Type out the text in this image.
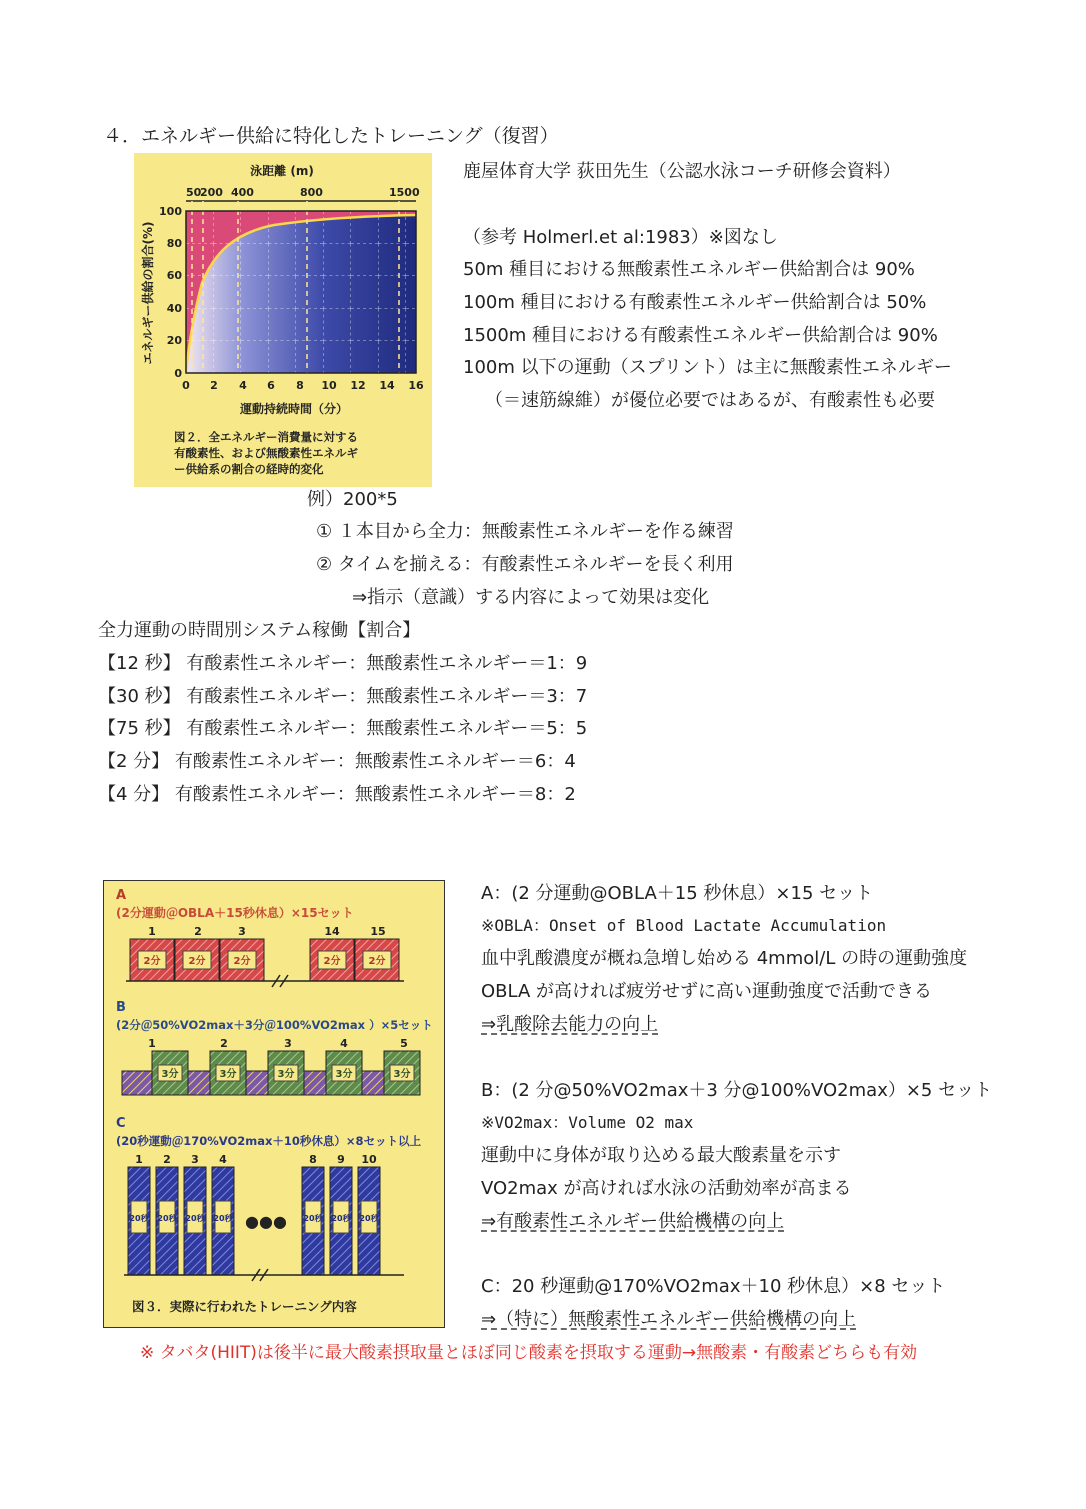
４．エネルギー供給に特化したトレーニング（復習）
泳距離 (m)
50
200 400	800	1500
エネルギー供給の割合(%)
0
20
40
60
80
100
0 2 4 6 8 10 12 14 16
運動持続時間（分）
図２．全エネルギー消費量に対する
有酸素性、および無酸素性エネルギ
ー供給系の割合の経時的変化
鹿屋体育大学 荻田先生（公認水泳コーチ研修会資料）
（参考 Holmerl.et al:1983）※図なし
50m 種目における無酸素性エネルギー供給割合は 90%
100m 種目における有酸素性エネルギー供給割合は 50%
1500m 種目における有酸素性エネルギー供給割合は 90%
100m 以下の運動（スプリント）は主に無酸素性エネルギー
（＝速筋線維）が優位必要ではあるが、有酸素性も必要
例）200*5
① １本目から全力：無酸素性エネルギーを作る練習
② タイムを揃える：有酸素性エネルギーを長く利用
⇒指示（意識）する内容によって効果は変化
全力運動の時間別システム稼働【割合】
【12 秒】 有酸素性エネルギー：無酸素性エネルギー＝1：9
【30 秒】 有酸素性エネルギー：無酸素性エネルギー＝3：7
【75 秒】 有酸素性エネルギー：無酸素性エネルギー＝5：5
【2 分】 有酸素性エネルギー：無酸素性エネルギー＝6：4
【4 分】 有酸素性エネルギー：無酸素性エネルギー＝8：2
A
(2分運動＠OBLA＋15秒休息）×15セット
1	2	3	14	15
2分	2分	2分	2分	2分
B
(2分＠50%VO2max＋3分＠100%VO2max ）×5セット
1	2	3	4	5
3分	3分	3分	3分	3分
C
(20秒運動＠170%VO2max＋10秒休息）×8セット以上
1 2 3 4	8 9 10
20秒 20秒 20秒 20秒	20秒 20秒 20秒
●●●
図３．実際に行われたトレーニング内容
A：(2 分運動@OBLA＋15 秒休息）×15 セット
※OBLA：Onset of Blood Lactate Accumulation
血中乳酸濃度が概ね急増し始める 4mmol/L の時の運動強度
OBLA が高ければ疲労せずに高い運動強度で活動できる
⇒乳酸除去能力の向上
B：(2 分@50%VO2max＋3 分@100%VO2max）×5 セット
※VO2max：Volume O2 max
運動中に身体が取り込める最大酸素量を示す
VO2max が高ければ水泳の活動効率が高まる
⇒有酸素性エネルギー供給機構の向上
C：20 秒運動@170%VO2max＋10 秒休息）×8 セット
⇒（特に）無酸素性エネルギー供給機構の向上
※ タバタ(HIIT)は後半に最大酸素摂取量とほぼ同じ酸素を摂取する運動→無酸素・有酸素どちらも有効
